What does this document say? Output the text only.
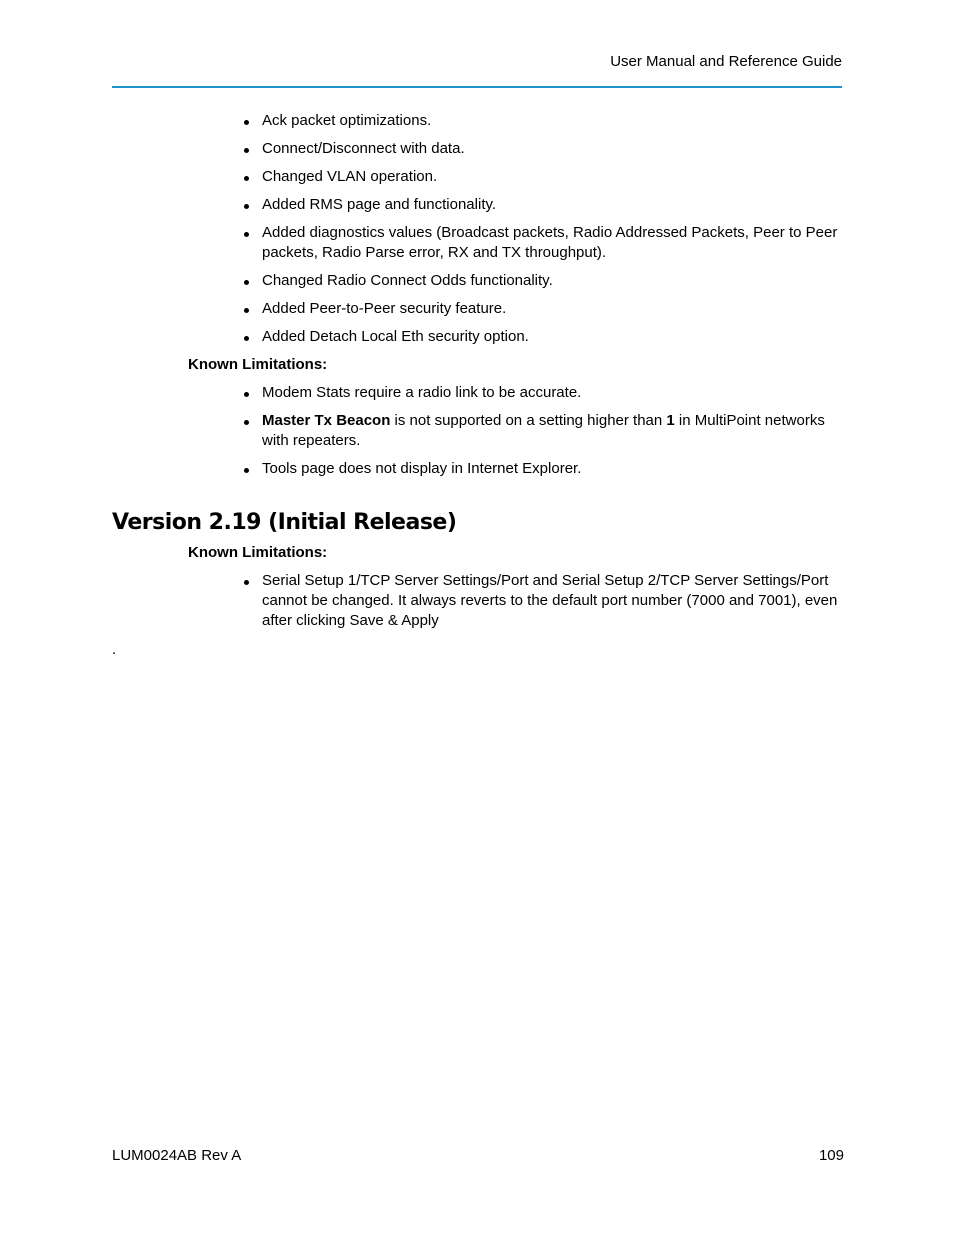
User Manual and Reference Guide
Ack packet optimizations.
Connect/Disconnect with data.
Changed VLAN operation.
Added RMS page and functionality.
Added diagnostics values (Broadcast packets, Radio Addressed Packets, Peer to Peer packets, Radio Parse error, RX and TX throughput).
Changed Radio Connect Odds functionality.
Added Peer-to-Peer security feature.
Added Detach Local Eth security option.
Known Limitations:
Modem Stats require a radio link to be accurate.
Master Tx Beacon is not supported on a setting higher than 1 in MultiPoint networks with repeaters.
Tools page does not display in Internet Explorer.
Version 2.19 (Initial Release)
Known Limitations:
Serial Setup 1/TCP Server Settings/Port and Serial Setup 2/TCP Server Settings/Port cannot be changed. It always reverts to the default port number (7000 and 7001), even after clicking Save & Apply
.
LUM0024AB Rev A	109
